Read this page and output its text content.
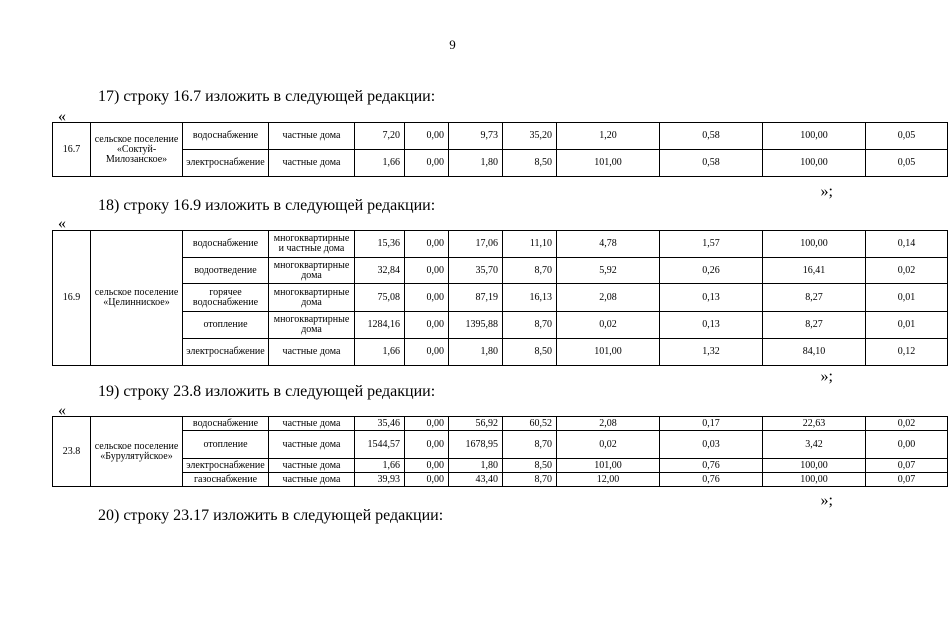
9
17) строку 16.7 изложить в следующей редакции:
«
16.7	сельское поселение «Соктуй-Милозанское»	водоснабжение	частные дома	7,20	0,00	9,73	35,20	1,20	0,58	100,00	0,05
		электроснабжение	частные дома	1,66	0,00	1,80	8,50	101,00	0,58	100,00	0,05
»;
18) строку 16.9 изложить в следующей редакции:
«
16.9	сельское поселение «Целинниское»	водоснабжение	многоквартирные и частные дома	15,36	0,00	17,06	11,10	4,78	1,57	100,00	0,14
		водоотведение	многоквартирные дома	32,84	0,00	35,70	8,70	5,92	0,26	16,41	0,02
		горячее водоснабжение	многоквартирные дома	75,08	0,00	87,19	16,13	2,08	0,13	8,27	0,01
		отопление	многоквартирные дома	1284,16	0,00	1395,88	8,70	0,02	0,13	8,27	0,01
		электроснабжение	частные дома	1,66	0,00	1,80	8,50	101,00	1,32	84,10	0,12
»;
19) строку 23.8 изложить в следующей редакции:
«
23.8	сельское поселение «Бурулятуйское»	водоснабжение	частные дома	35,46	0,00	56,92	60,52	2,08	0,17	22,63	0,02
		отопление	частные дома	1544,57	0,00	1678,95	8,70	0,02	0,03	3,42	0,00
		электроснабжение	частные дома	1,66	0,00	1,80	8,50	101,00	0,76	100,00	0,07
		газоснабжение	частные дома	39,93	0,00	43,40	8,70	12,00	0,76	100,00	0,07
»;
20) строку 23.17 изложить в следующей редакции:
